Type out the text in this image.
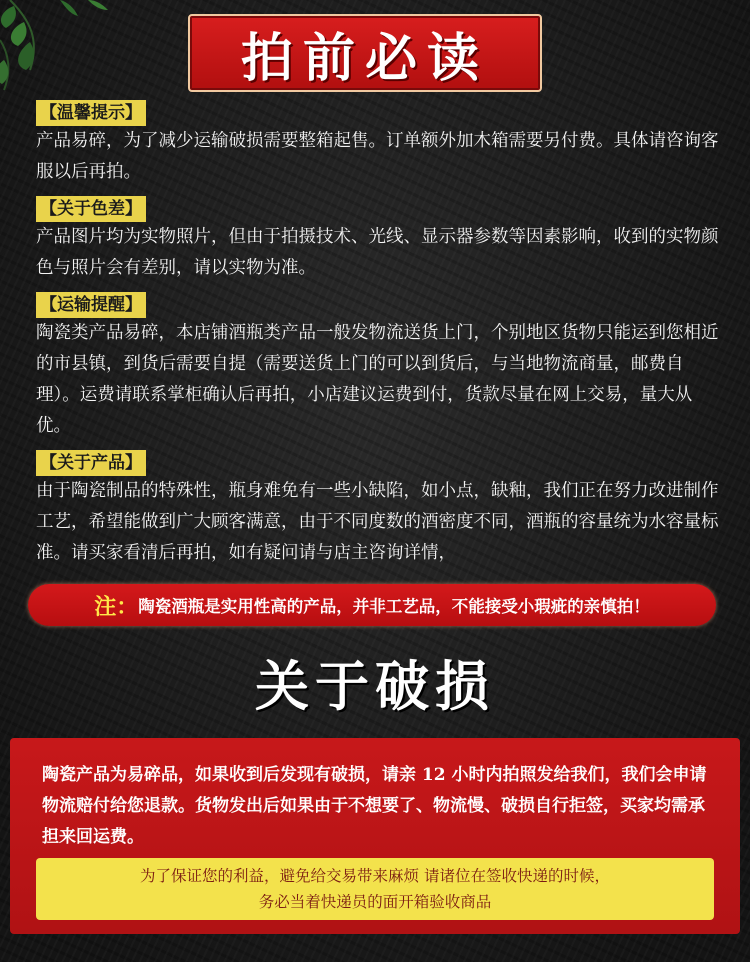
拍前必读
【温馨提示】

产品易碎，为了减少运输破损需要整箱起售。订单额外加木箱需要另付费。具体请咨询客服以后再拍。

【关于色差】

产品图片均为实物照片，但由于拍摄技术、光线、显示器参数等因素影响，收到的实物颜色与照片会有差别，请以实物为准。

【运输提醒】

陶瓷类产品易碎，本店铺酒瓶类产品一般发物流送货上门，个别地区货物只能运到您相近的市县镇，到货后需要自提（需要送货上门的可以到货后，与当地物流商量，邮费自理）。运费请联系掌柜确认后再拍，小店建议运费到付，货款尽量在网上交易，量大从优。

【关于产品】

由于陶瓷制品的特殊性，瓶身难免有一些小缺陷，如小点，缺釉，我们正在努力改进制作工艺，希望能做到广大顾客满意，由于不同度数的酒密度不同，酒瓶的容量统为水容量标准。请买家看清后再拍，如有疑问请与店主咨询详情，

注： 陶瓷酒瓶是实用性高的产品，并非工艺品，不能接受小瑕疵的亲慎拍！
关于破损

陶瓷产品为易碎品，如果收到后发现有破损，请亲 12 小时内拍照发给我们，我们会申请物流赔付给您退款。货物发出后如果由于不想要了、物流慢、破损自行拒签，买家均需承担来回运费。

为了保证您的利益，避免给交易带来麻烦 请诸位在签收快递的时候，
务必当着快递员的面开箱验收商品
